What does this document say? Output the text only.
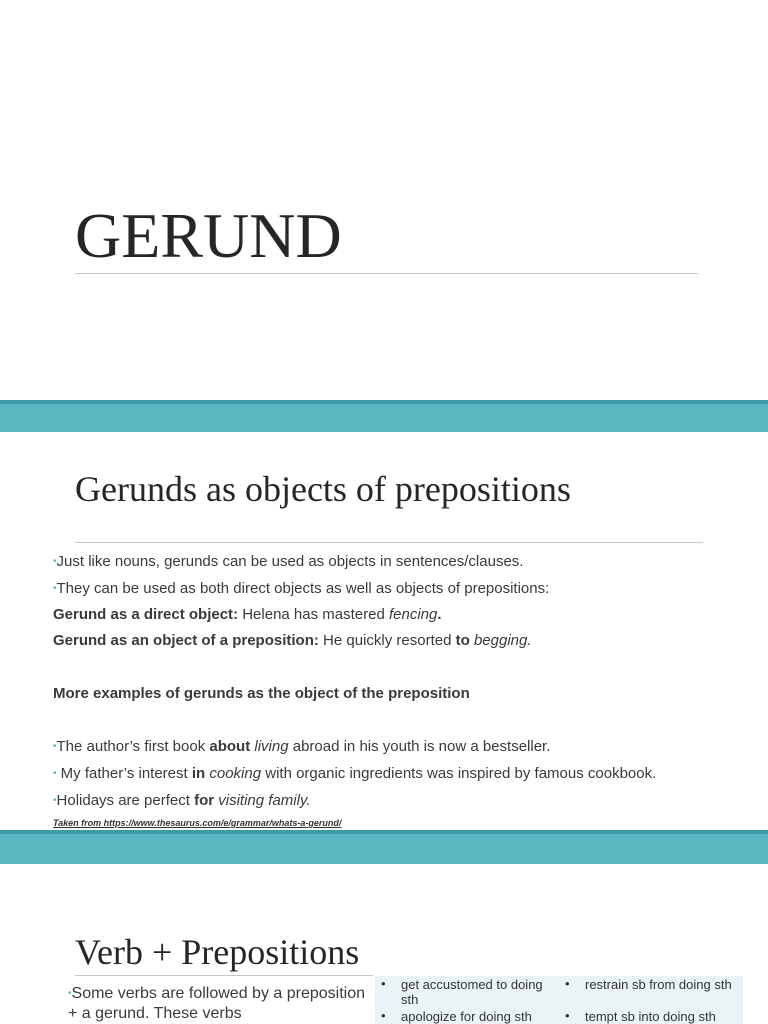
GERUND
Gerunds as objects of prepositions
•Just like nouns, gerunds can be used as objects in sentences/clauses.
•They can be used as both direct objects as well as objects of prepositions:
Gerund as a direct object: Helena has mastered fencing.
Gerund as an object of a preposition: He quickly resorted to begging.
More examples of gerunds as the object of the preposition
•The author’s first book about living abroad in his youth is now a bestseller.
• My father’s interest in cooking with organic ingredients was inspired by famous cookbook.
•Holidays are perfect for visiting family.
Taken from https://www.thesaurus.com/e/grammar/whats-a-gerund/
Verb + Prepositions
•Some verbs are followed by a preposition + a gerund. These verbs
• get accustomed to doing sth
• restrain sb from doing sth
• apologize for doing sth
•	tempt sb into doing sth
